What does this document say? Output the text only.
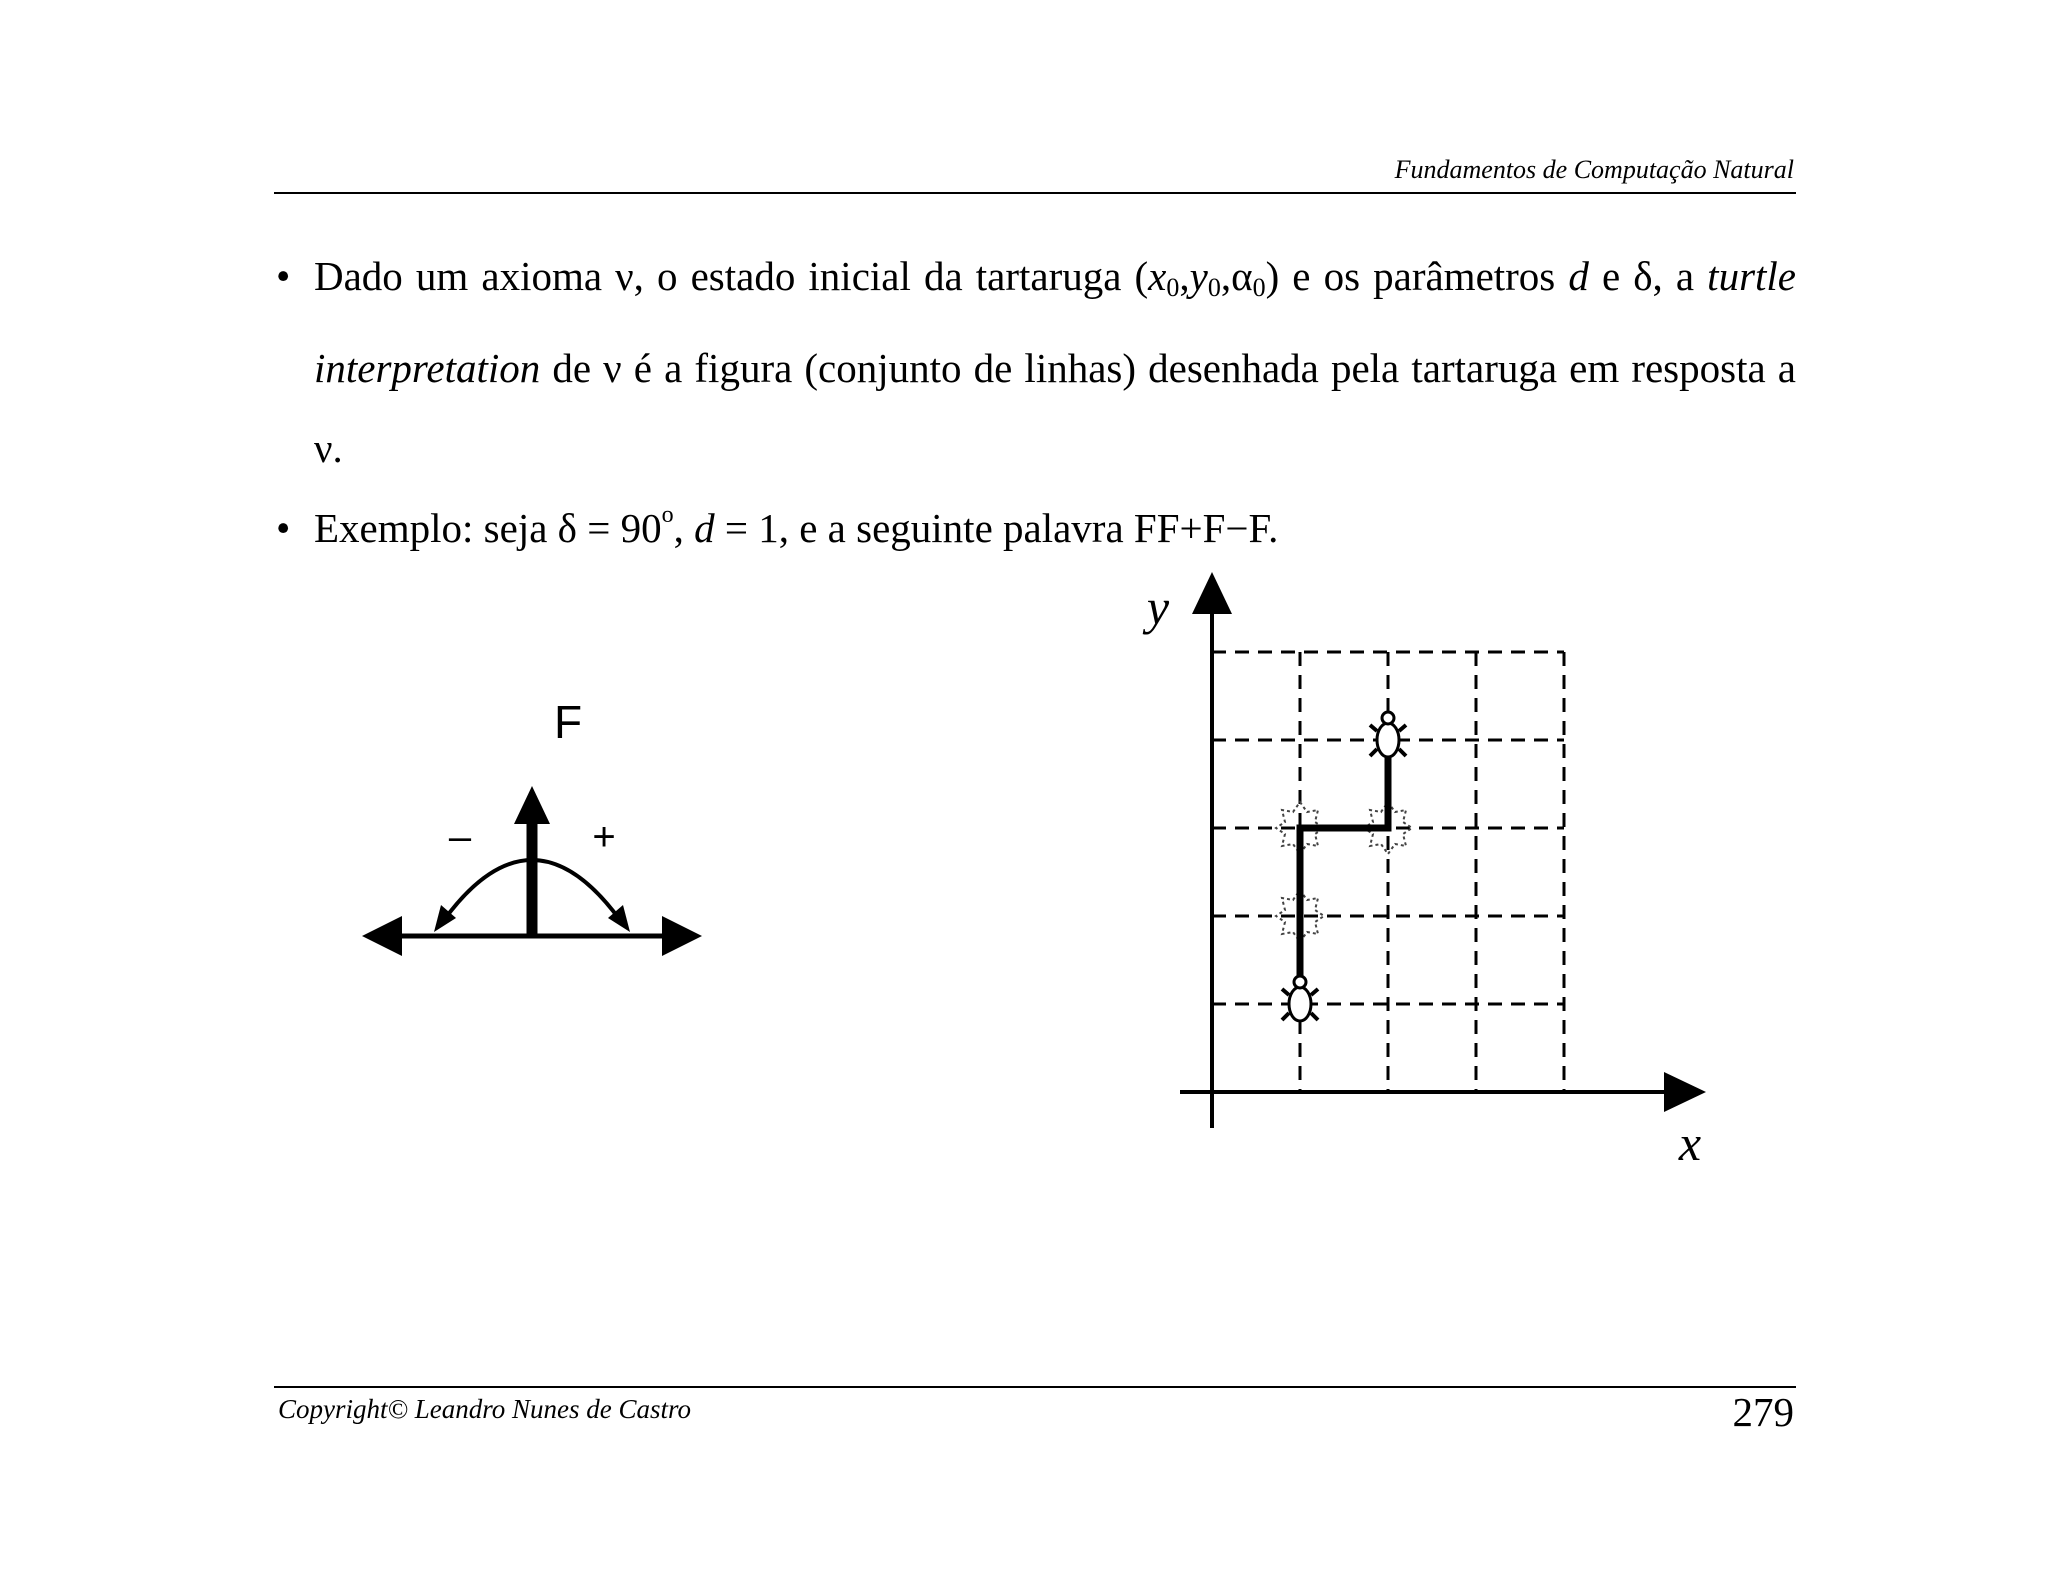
Fundamentos de Computação Natural
• Dado um axioma ν, o estado inicial da tartaruga $(x_0,y_0,\alpha_0)$ e os parâmetros d e δ, a turtle interpretation de ν é a figura (conjunto de linhas) desenhada pela tartaruga em resposta a ν.
• Exemplo: seja $\delta = 90^o$, d = 1, e a seguinte palavra FF+F−F.
F
–	+
x
y
Copyright© Leandro Nunes de Castro	279
